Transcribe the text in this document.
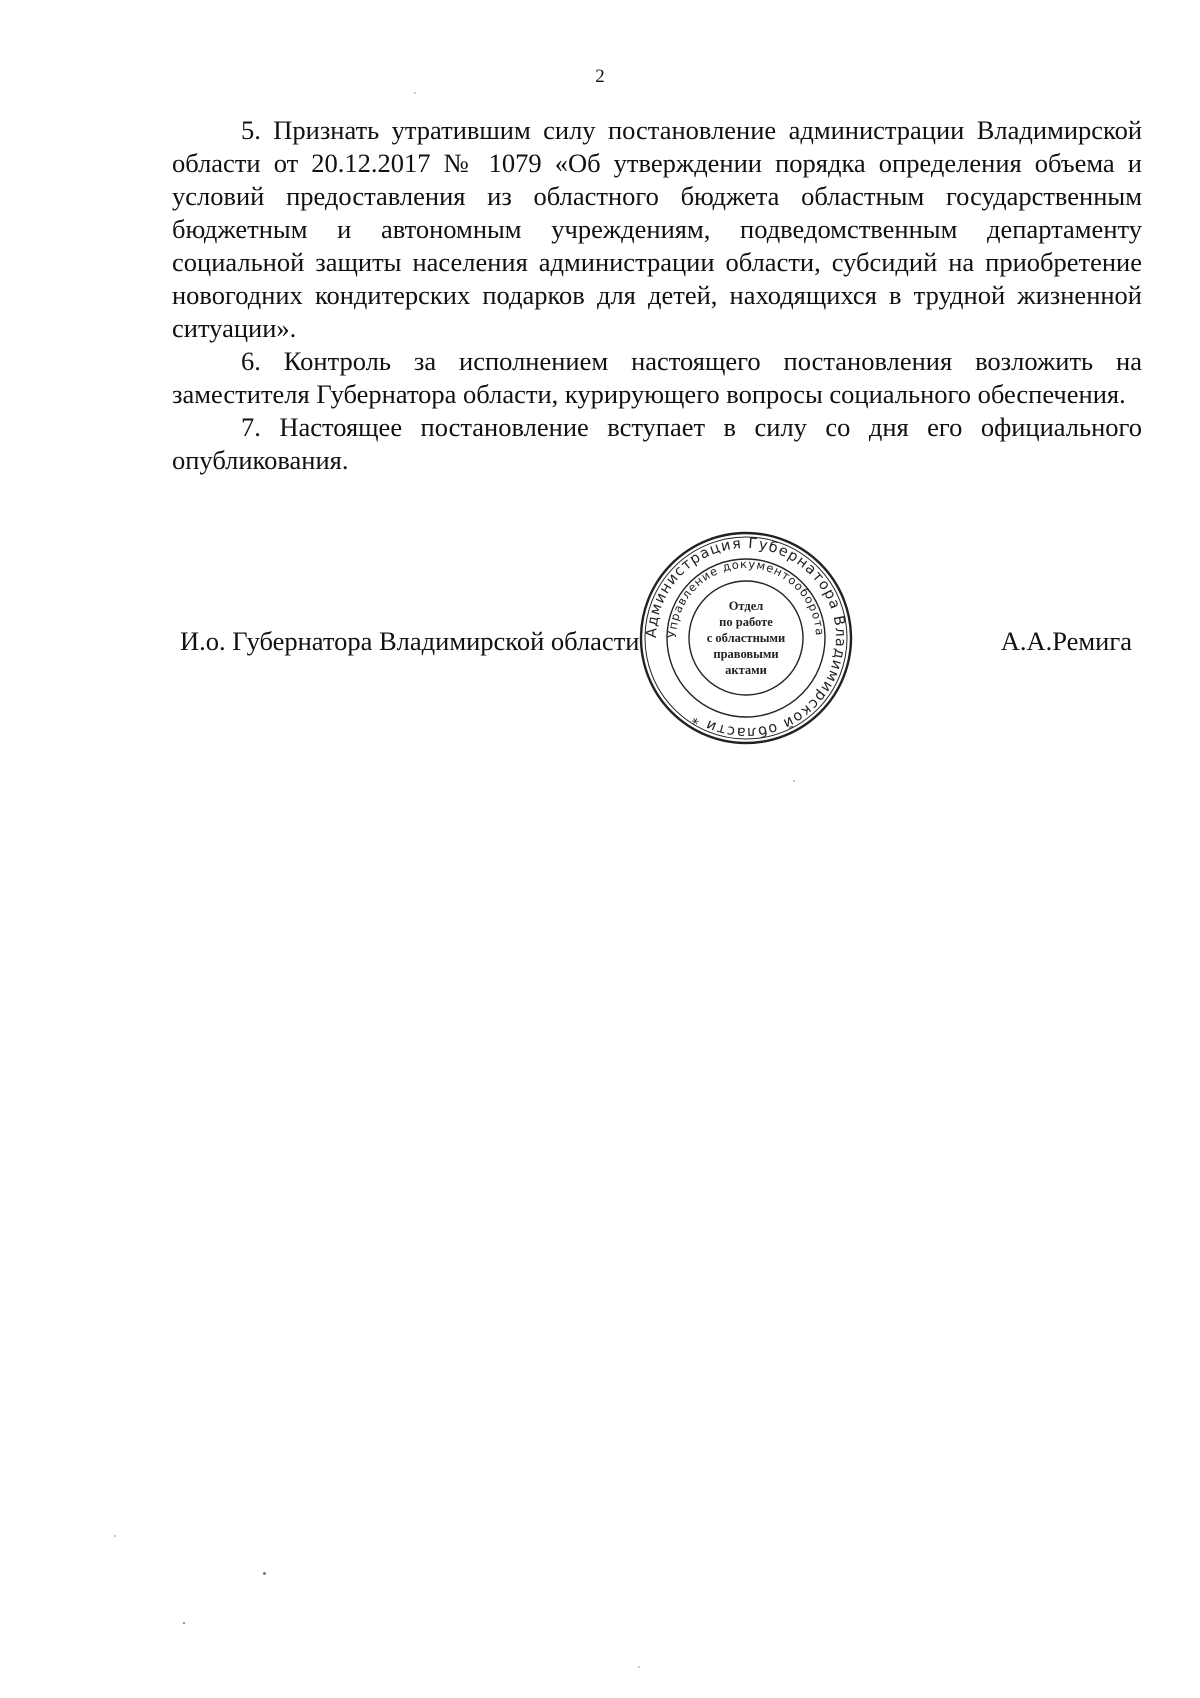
2

5. Признать утратившим силу постановление администрации Владимирской области от 20.12.2017 № 1079 «Об утверждении порядка определения объема и условий предоставления из областного бюджета областным государственным бюджетным и автономным учреждениям, подведомственным департаменту социальной защиты населения администрации области, субсидий на приобретение новогодних кондитерских подарков для детей, находящихся в трудной жизненной ситуации».

6. Контроль за исполнением настоящего постановления возложить на заместителя Губернатора области, курирующего вопросы социального обеспечения.

7. Настоящее постановление вступает в силу со дня его официального опубликования.

И.о. Губернатора Владимирской области	А.А.Ремига
Администрация Губернатора Владимирской области *
Управление документооборота
Отдел
по работе
с областными
правовыми
актами
